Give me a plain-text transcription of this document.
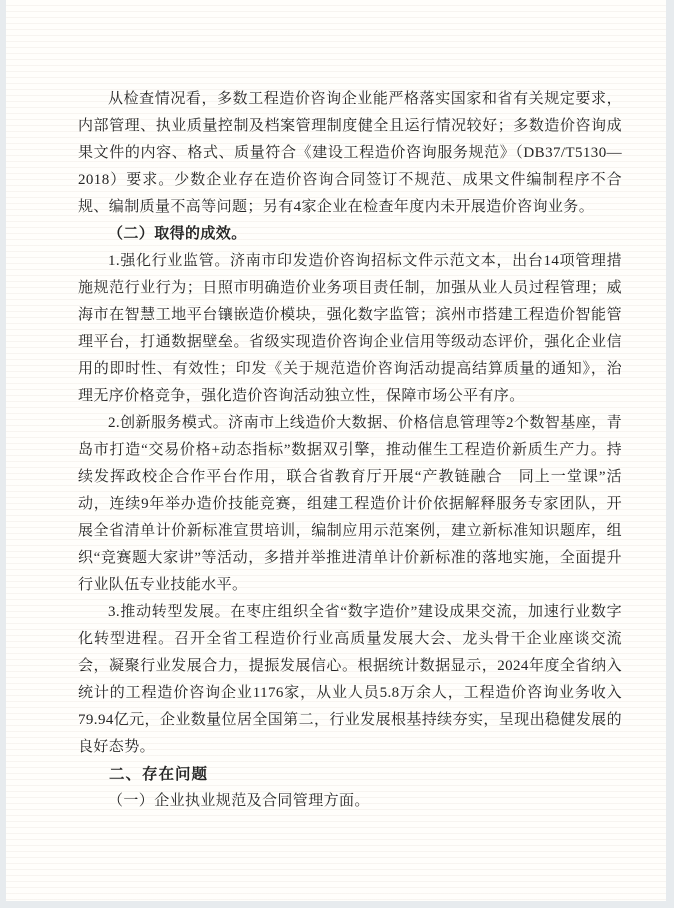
从检查情况看，多数工程造价咨询企业能严格落实国家和省有关规定要求，内部管理、执业质量控制及档案管理制度健全且运行情况较好；多数造价咨询成果文件的内容、格式、质量符合《建设工程造价咨询服务规范》（DB37/T5130—2018）要求。少数企业存在造价咨询合同签订不规范、成果文件编制程序不合规、编制质量不高等问题；另有4家企业在检查年度内未开展造价咨询业务。

（二）取得的成效。

1.强化行业监管。济南市印发造价咨询招标文件示范文本，出台14项管理措施规范行业行为；日照市明确造价业务项目责任制，加强从业人员过程管理；威海市在智慧工地平台镶嵌造价模块，强化数字监管；滨州市搭建工程造价智能管理平台，打通数据壁垒。省级实现造价咨询企业信用等级动态评价，强化企业信用的即时性、有效性；印发《关于规范造价咨询活动提高结算质量的通知》，治理无序价格竞争，强化造价咨询活动独立性，保障市场公平有序。

2.创新服务模式。济南市上线造价大数据、价格信息管理等2个数智基座，青岛市打造“交易价格+动态指标”数据双引擎，推动催生工程造价新质生产力。持续发挥政校企合作平台作用，联合省教育厅开展“产教链融合　同上一堂课”活动，连续9年举办造价技能竞赛，组建工程造价计价依据解释服务专家团队，开展全省清单计价新标准宣贯培训，编制应用示范案例，建立新标准知识题库，组织“竞赛题大家讲”等活动，多措并举推进清单计价新标准的落地实施，全面提升行业队伍专业技能水平。

3.推动转型发展。在枣庄组织全省“数字造价”建设成果交流，加速行业数字化转型进程。召开全省工程造价行业高质量发展大会、龙头骨干企业座谈交流会，凝聚行业发展合力，提振发展信心。根据统计数据显示，2024年度全省纳入统计的工程造价咨询企业1176家，从业人员5.8万余人，工程造价咨询业务收入79.94亿元，企业数量位居全国第二，行业发展根基持续夯实，呈现出稳健发展的良好态势。

二、存在问题

（一）企业执业规范及合同管理方面。
